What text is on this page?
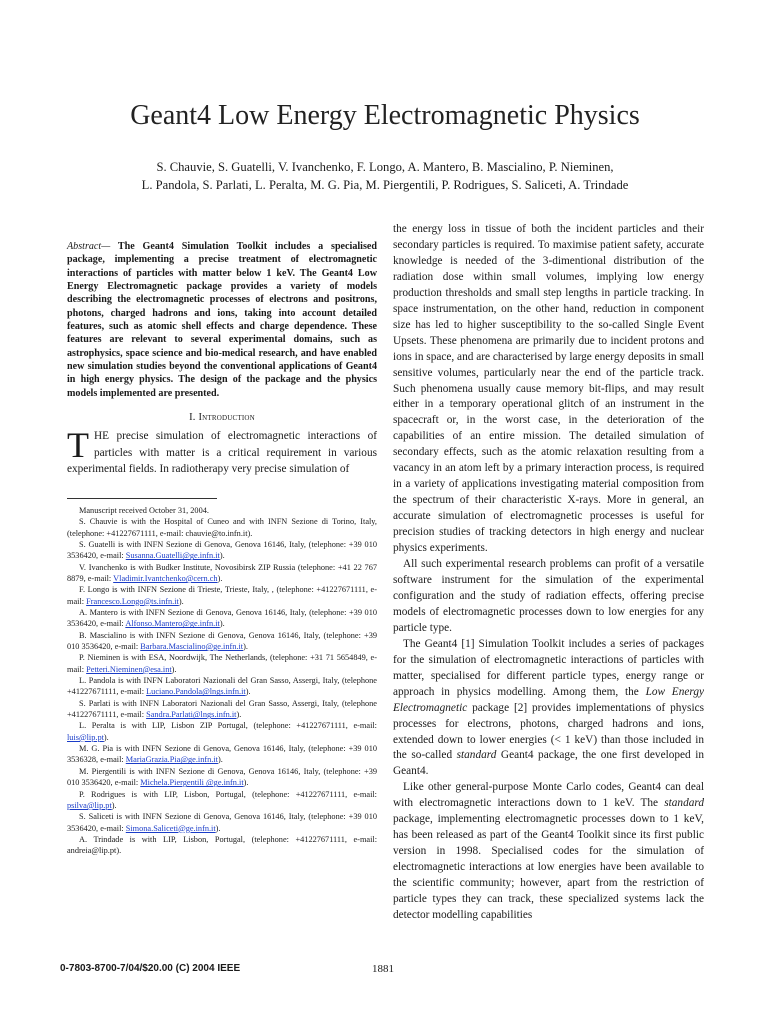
Geant4 Low Energy Electromagnetic Physics
S. Chauvie, S. Guatelli, V. Ivanchenko, F. Longo, A. Mantero, B. Mascialino, P. Nieminen,
L. Pandola, S. Parlati, L. Peralta, M. G. Pia, M. Piergentili, P. Rodrigues, S. Saliceti, A. Trindade

Abstract— The Geant4 Simulation Toolkit includes a specialised package, implementing a precise treatment of electromagnetic interactions of particles with matter below 1 keV. The Geant4 Low Energy Electromagnetic package provides a variety of models describing the electromagnetic processes of electrons and positrons, photons, charged hadrons and ions, taking into account detailed features, such as atomic shell effects and charge dependence. These features are relevant to several experimental domains, such as astrophysics, space science and bio-medical research, and have enabled new simulation studies beyond the conventional applications of Geant4 in high energy physics. The design of the package and the physics models implemented are presented.

I. Introduction

THE precise simulation of electromagnetic interactions of particles with matter is a critical requirement in various experimental fields. In radiotherapy very precise simulation of

Manuscript received October 31, 2004.

S. Chauvie is with the Hospital of Cuneo and with INFN Sezione di Torino, Italy, (telephone: +41227671111, e-mail: chauvie@to.infn.it).

S. Guatelli is with INFN Sezione di Genova, Genova 16146, Italy, (telephone: +39 010 3536420, e-mail: Susanna.Guatelli@ge.infn.it).

V. Ivanchenko is with Budker Institute, Novosibirsk ZIP Russia (telephone: +41 22 767 8879, e-mail: Vladimir.Ivantchenko@cern.ch).

F. Longo is with INFN Sezione di Trieste, Trieste, Italy, , (telephone: +41227671111, e-mail: Francesco.Longo@ts.infn.it).

A. Mantero is with INFN Sezione di Genova, Genova 16146, Italy, (telephone: +39 010 3536420, e-mail: Alfonso.Mantero@ge.infn.it).

B. Mascialino is with INFN Sezione di Genova, Genova 16146, Italy, (telephone: +39 010 3536420, e-mail: Barbara.Mascialino@ge.infn.it).

P. Nieminen is with ESA, Noordwijk, The Netherlands, (telephone: +31 71 5654849, e-mail: Petteri.Nieminen@esa.int).

L. Pandola is with INFN Laboratori Nazionali del Gran Sasso, Assergi, Italy, (telephone +41227671111, e-mail: Luciano.Pandola@lngs.infn.it).

S. Parlati is with INFN Laboratori Nazionali del Gran Sasso, Assergi, Italy, (telephone +41227671111, e-mail: Sandra.Parlati@lngs.infn.it).

L. Peralta is with LIP, Lisbon ZIP Portugal, (telephone: +41227671111, e-mail: luis@lip.pt).

M. G. Pia is with INFN Sezione di Genova, Genova 16146, Italy, (telephone: +39 010 3536328, e-mail: MariaGrazia.Pia@ge.infn.it).

M. Piergentili is with INFN Sezione di Genova, Genova 16146, Italy, (telephone: +39 010 3536420, e-mail: Michela.Piergentili @ge.infn.it).

P. Rodrigues is with LIP, Lisbon, Portugal, (telephone: +41227671111, e-mail: psilva@lip.pt).

S. Saliceti is with INFN Sezione di Genova, Genova 16146, Italy, (telephone: +39 010 3536420, e-mail: Simona.Saliceti@ge.infn.it).

A. Trindade is with LIP, Lisbon, Portugal, (telephone: +41227671111, e-mail: andreia@lip.pt).

the energy loss in tissue of both the incident particles and their secondary particles is required. To maximise patient safety, accurate knowledge is needed of the 3-dimentional distribution of the radiation dose within small volumes, implying low energy production thresholds and small step lengths in particle tracking. In space instrumentation, on the other hand, reduction in component size has led to higher susceptibility to the so-called Single Event Upsets. These phenomena are primarily due to incident protons and ions in space, and are characterised by large energy deposits in small sensitive volumes, particularly near the end of the particle track. Such phenomena usually cause memory bit-flips, and may result either in a temporary operational glitch of an instrument in the spacecraft or, in the worst case, in the deterioration of the capabilities of an entire mission. The detailed simulation of secondary effects, such as the atomic relaxation resulting from a vacancy in an atom left by a primary interaction process, is required in a variety of applications investigating material composition from the spectrum of their characteristic X-rays. More in general, an accurate simulation of electromagnetic processes is useful for precision studies of tracking detectors in high energy and nuclear physics experiments.

All such experimental research problems can profit of a versatile software instrument for the simulation of the experimental configuration and the study of radiation effects, offering precise models of electromagnetic processes down to low energies for any particle type.

The Geant4 [1] Simulation Toolkit includes a series of packages for the simulation of electromagnetic interactions of particles with matter, specialised for different particle types, energy range or approach in physics modelling. Among them, the Low Energy Electromagnetic package [2] provides implementations of physics processes for electrons, photons, charged hadrons and ions, extended down to lower energies (< 1 keV) than those included in the so-called standard Geant4 package, the one first developed in Geant4.

Like other general-purpose Monte Carlo codes, Geant4 can deal with electromagnetic interactions down to 1 keV. The standard package, implementing electromagnetic processes down to 1 keV, has been released as part of the Geant4 Toolkit since its first public version in 1998. Specialised codes for the simulation of electromagnetic interactions at low energies have been available to the scientific community; however, apart from the restriction of particle types they can track, these specialized systems lack the detector modelling capabilities

0-7803-8700-7/04/$20.00 (C) 2004 IEEE	1881
